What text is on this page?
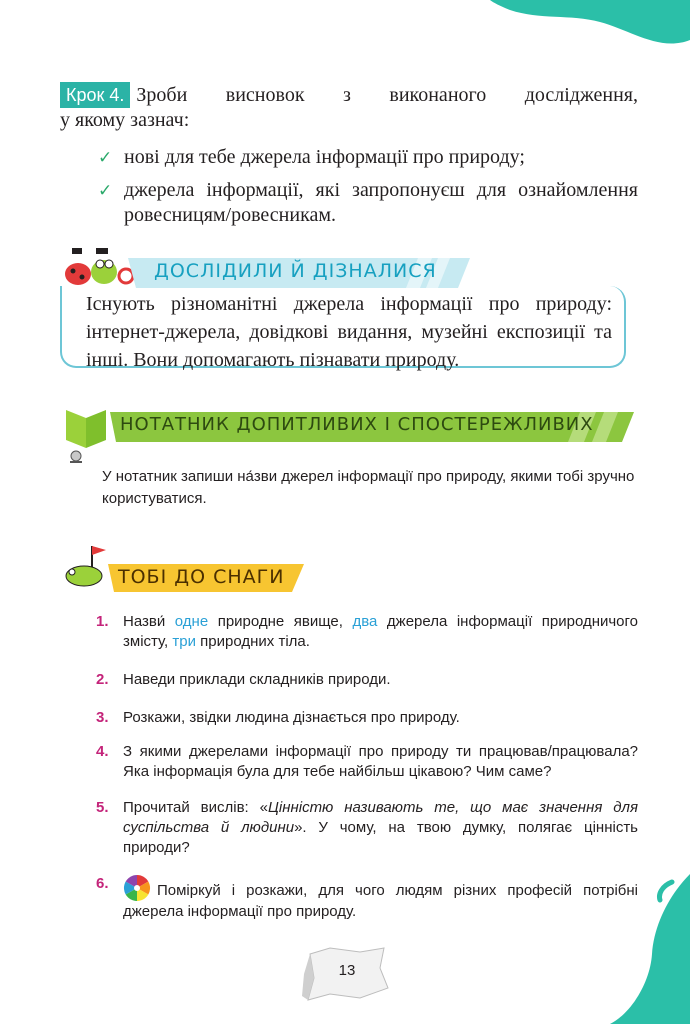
Крок 4. Зроби висновок з виконаного дослідження,
у якому зазнач:
✓ нові для тебе джерела інформації про природу;
✓ джерела інформації, які запропонуєш для ознайомлення ровесницям/ровесникам.
ДОСЛІДИЛИ Й ДІЗНАЛИСЯ
Існують різноманітні джерела інформації про природу: інтернет-джерела, довідкові видання, музейні експозиції та інші. Вони допомагають пізнавати природу.
НОТАТНИК ДОПИТЛИВИХ І СПОСТЕРЕЖЛИВИХ
У нотатник запиши на́зви джерел інформації про природу, якими тобі зручно користуватися.
ТОБІ ДО СНАГИ
1. Назви́ одне природне явище, два джерела інформації природничого змісту, три природних тіла.
2. Наведи приклади складників природи.
3. Розкажи, звідки людина дізнається про природу.
4. З якими джерелами інформації про природу ти працював/працювала? Яка інформація була для тебе найбільш цікавою? Чим саме?
5. Прочитай вислів: «Цінністю називають те, що має значення для суспільства й людини». У чому, на твою думку, полягає цінність природи?
6.	Поміркуй і розкажи, для чого людям різних професій потрібні джерела інформації про природу.
13
